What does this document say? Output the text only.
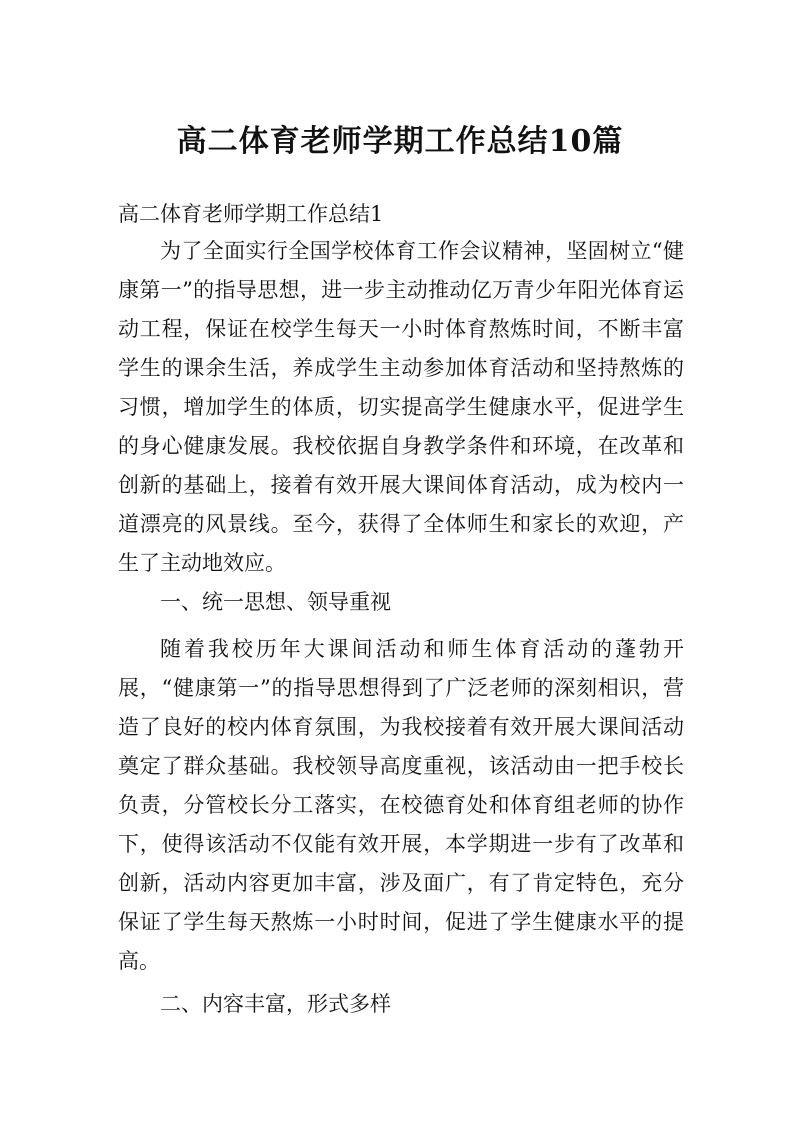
高二体育老师学期工作总结10篇

高二体育老师学期工作总结1

为了全面实行全国学校体育工作会议精神，坚固树立“健康第一”的指导思想，进一步主动推动亿万青少年阳光体育运动工程，保证在校学生每天一小时体育熬炼时间，不断丰富学生的课余生活，养成学生主动参加体育活动和坚持熬炼的习惯，增加学生的体质，切实提高学生健康水平，促进学生的身心健康发展。我校依据自身教学条件和环境，在改革和创新的基础上，接着有效开展大课间体育活动，成为校内一道漂亮的风景线。至今，获得了全体师生和家长的欢迎，产生了主动地效应。

一、统一思想、领导重视

随着我校历年大课间活动和师生体育活动的蓬勃开展，“健康第一”的指导思想得到了广泛老师的深刻相识，营造了良好的校内体育氛围，为我校接着有效开展大课间活动奠定了群众基础。我校领导高度重视，该活动由一把手校长负责，分管校长分工落实，在校德育处和体育组老师的协作下，使得该活动不仅能有效开展，本学期进一步有了改革和创新，活动内容更加丰富，涉及面广，有了肯定特色，充分保证了学生每天熬炼一小时时间，促进了学生健康水平的提高。

二、内容丰富，形式多样
